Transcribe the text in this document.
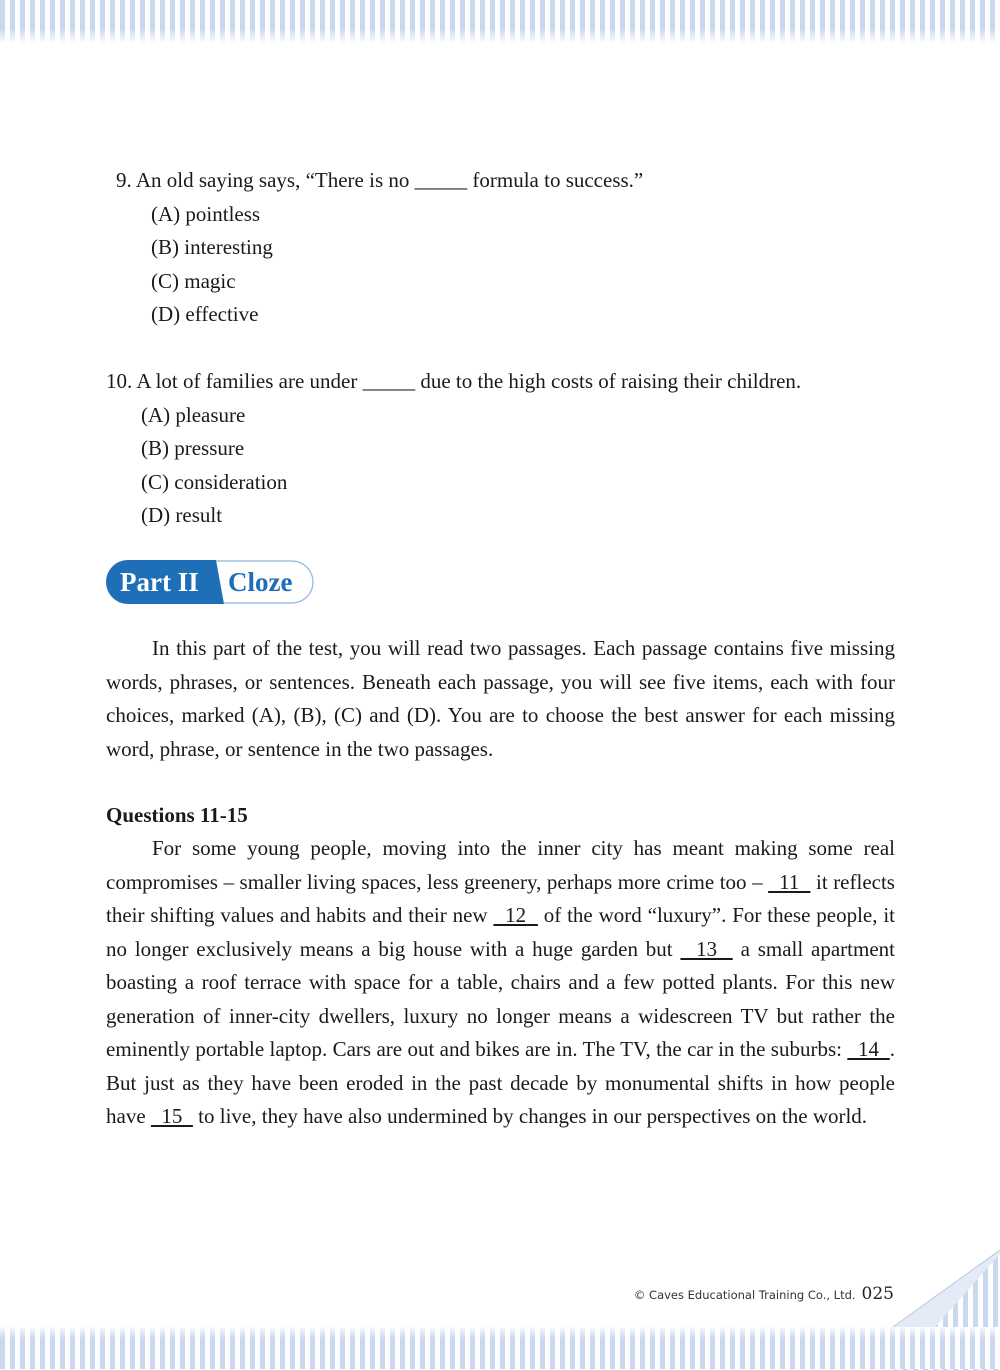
9. An old saying says, “There is no _____ formula to success.”
(A) pointless
(B) interesting
(C) magic
(D) effective
10. A lot of families are under _____ due to the high costs of raising their children.
(A) pleasure
(B) pressure
(C) consideration
(D) result
Part II Cloze

In this part of the test, you will read two passages. Each passage contains five missing words, phrases, or sentences. Beneath each passage, you will see five items, each with four choices, marked (A), (B), (C) and (D). You are to choose the best answer for each missing word, phrase, or sentence in the two passages.

Questions 11-15

For some young people, moving into the inner city has meant making some real compromises – smaller living spaces, less greenery, perhaps more crime too –   11   it reflects their shifting values and habits and their new   12   of the word “luxury”. For these people, it no longer exclusively means a big house with a huge garden but   13   a small apartment boasting a roof terrace with space for a table, chairs and a few potted plants. For this new generation of inner-city dwellers, luxury no longer means a widescreen TV but rather the eminently portable laptop. Cars are out and bikes are in. The TV, the car in the suburbs:   14  . But just as they have been eroded in the past decade by monumental shifts in how people have   15   to live, they have also undermined by changes in our perspectives on the world.

© Caves Educational Training Co., Ltd. 025
